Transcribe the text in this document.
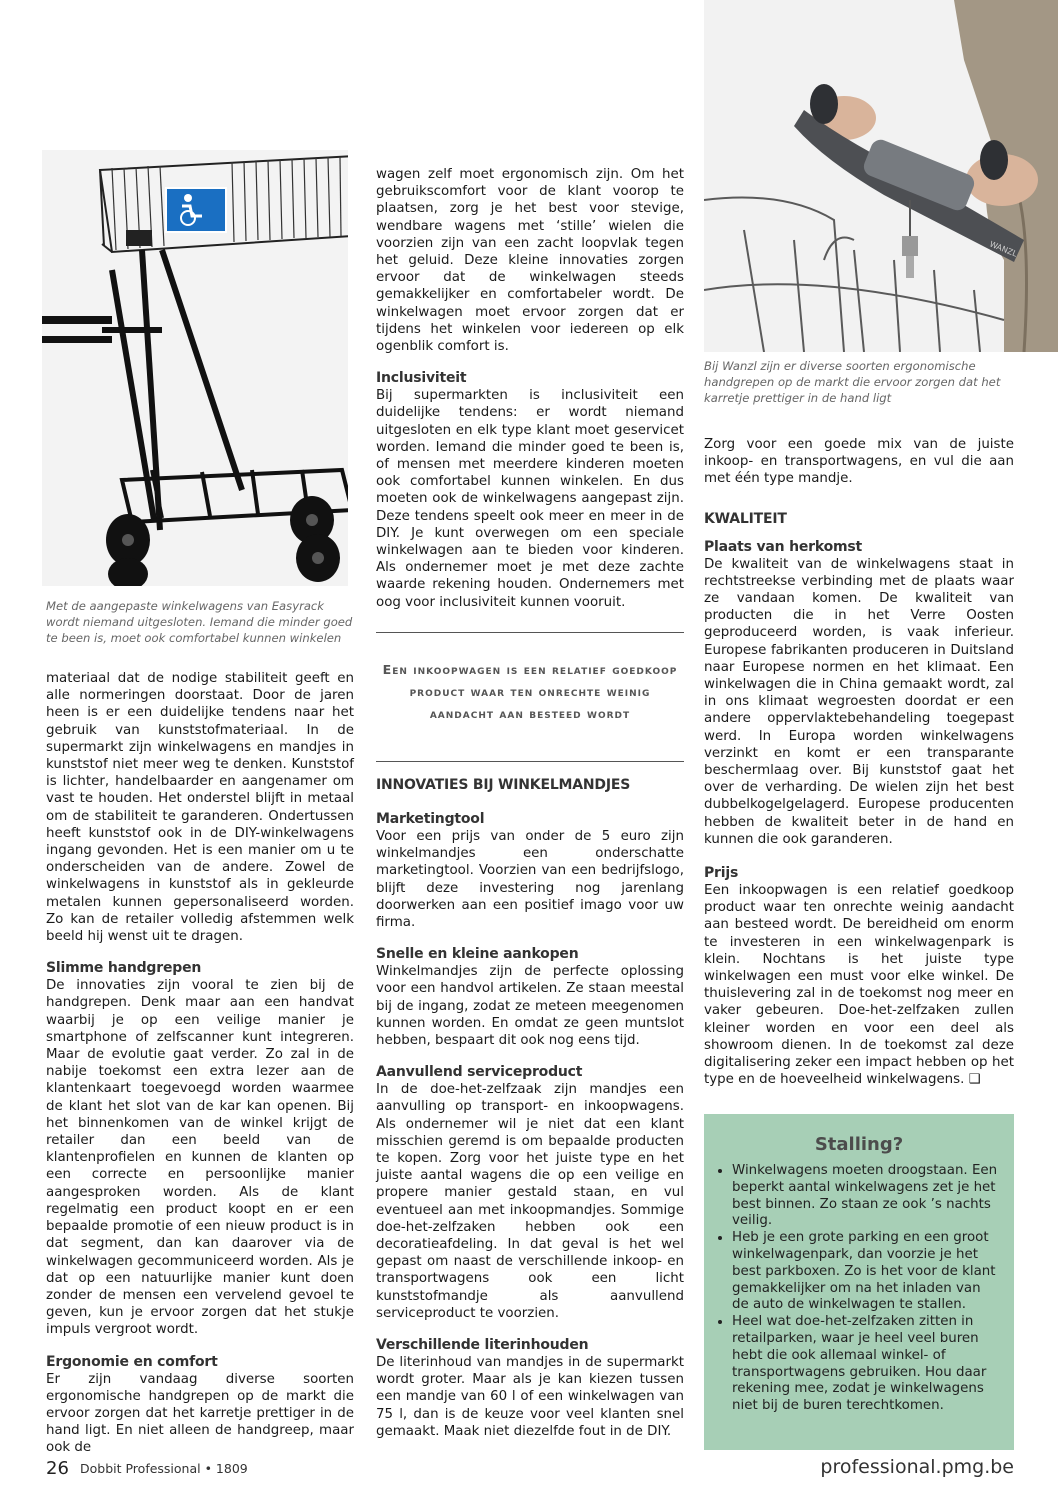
Met de aangepaste winkelwagens van Easyrack wordt niemand uitgesloten. Iemand die minder goed te been is, moet ook comfortabel kunnen winkelen
WANZL
Bij Wanzl zijn er diverse soorten ergonomische handgrepen op de markt die ervoor zorgen dat het karretje prettiger in de hand ligt

materiaal dat de nodige stabiliteit geeft en alle normeringen doorstaat. Door de jaren heen is er een duidelijke tendens naar het gebruik van kunststofmateriaal. In de supermarkt zijn winkelwagens en mandjes in kunststof niet meer weg te denken. Kunststof is lichter, handelbaarder en aangenamer om vast te houden. Het onderstel blijft in metaal om de stabiliteit te garanderen. Ondertussen heeft kunststof ook in de DIY-winkelwagens ingang gevonden. Het is een manier om u te onderscheiden van de andere. Zowel de winkelwagens in kunststof als in gekleurde metalen kunnen gepersonaliseerd worden. Zo kan de retailer volledig afstemmen welk beeld hij wenst uit te dragen.

Slimme handgrepen

De innovaties zijn vooral te zien bij de handgrepen. Denk maar aan een handvat waarbij je op een veilige manier je smartphone of zelfscanner kunt integreren. Maar de evolutie gaat verder. Zo zal in de nabije toekomst een extra lezer aan de klantenkaart toegevoegd worden waarmee de klant het slot van de kar kan openen. Bij het binnenkomen van de winkel krijgt de retailer dan een beeld van de klantenprofielen en kunnen de klanten op een correcte en persoonlijke manier aangesproken worden. Als de klant regelmatig een product koopt en er een bepaalde promotie of een nieuw product is in dat segment, dan kan daarover via de winkelwagen gecommuniceerd worden. Als je dat op een natuurlijke manier kunt doen zonder de mensen een vervelend gevoel te geven, kun je ervoor zorgen dat het stukje impuls vergroot wordt.

Ergonomie en comfort

Er zijn vandaag diverse soorten ergonomische handgrepen op de markt die ervoor zorgen dat het karretje prettiger in de hand ligt. En niet alleen de handgreep, maar ook de

wagen zelf moet ergonomisch zijn. Om het gebruikscomfort voor de klant voorop te plaatsen, zorg je het best voor stevige, wendbare wagens met ‘stille’ wielen die voorzien zijn van een zacht loopvlak tegen het geluid. Deze kleine innovaties zorgen ervoor dat de winkelwagen steeds gemakkelijker en comfortabeler wordt. De winkelwagen moet ervoor zorgen dat er tijdens het winkelen voor iedereen op elk ogenblik comfort is.

Inclusiviteit

Bij supermarkten is inclusiviteit een duidelijke tendens: er wordt niemand uitgesloten en elk type klant moet geservicet worden. Iemand die minder goed te been is, of mensen met meerdere kinderen moeten ook comfortabel kunnen winkelen. En dus moeten ook de winkelwagens aangepast zijn. Deze tendens speelt ook meer en meer in de DIY. Je kunt overwegen om een speciale winkelwagen aan te bieden voor kinderen. Als ondernemer moet je met deze zachte waarde rekening houden. Ondernemers met oog voor inclusiviteit kunnen vooruit.

Een inkoopwagen is een relatief goedkoop product waar ten onrechte weinig aandacht aan besteed wordt
INNOVATIES BIJ WINKELMANDJES
Marketingtool

Voor een prijs van onder de 5 euro zijn winkelmandjes een onderschatte marketingtool. Voorzien van een bedrijfslogo, blijft deze investering nog jarenlang doorwerken aan een positief imago voor uw firma.

Snelle en kleine aankopen

Winkelmandjes zijn de perfecte oplossing voor een handvol artikelen. Ze staan meestal bij de ingang, zodat ze meteen meegenomen kunnen worden. En omdat ze geen muntslot hebben, bespaart dit ook nog eens tijd.

Aanvullend serviceproduct

In de doe-het-zelfzaak zijn mandjes een aanvulling op transport- en inkoopwagens. Als ondernemer wil je niet dat een klant misschien geremd is om bepaalde producten te kopen. Zorg voor het juiste type en het juiste aantal wagens die op een veilige en propere manier gestald staan, en vul eventueel aan met inkoopmandjes. Sommige doe-het-zelfzaken hebben ook een decoratieafdeling. In dat geval is het wel gepast om naast de verschillende inkoop- en transportwagens ook een licht kunststofmandje als aanvullend serviceproduct te voorzien.

Verschillende literinhouden

De literinhoud van mandjes in de supermarkt wordt groter. Maar als je kan kiezen tussen een mandje van 60 l of een winkelwagen van 75 l, dan is de keuze voor veel klanten snel gemaakt. Maak niet diezelfde fout in de DIY.

Zorg voor een goede mix van de juiste inkoop- en transportwagens, en vul die aan met één type mandje.

KWALITEIT
Plaats van herkomst

De kwaliteit van de winkelwagens staat in rechtstreekse verbinding met de plaats waar ze vandaan komen. De kwaliteit van producten die in het Verre Oosten geproduceerd worden, is vaak inferieur. Europese fabrikanten produceren in Duitsland naar Europese normen en het klimaat. Een winkelwagen die in China gemaakt wordt, zal in ons klimaat wegroesten doordat er een andere oppervlaktebehandeling toegepast werd. In Europa worden winkelwagens verzinkt en komt er een transparante beschermlaag over. Bij kunststof gaat het over de verharding. De wielen zijn het best dubbelkogelgelagerd. Europese producenten hebben de kwaliteit beter in de hand en kunnen die ook garanderen.

Prijs

Een inkoopwagen is een relatief goedkoop product waar ten onrechte weinig aandacht aan besteed wordt. De bereidheid om enorm te investeren in een winkelwagenpark is klein. Nochtans is het juiste type winkelwagen een must voor elke winkel. De thuislevering zal in de toekomst nog meer en vaker gebeuren. Doe-het-zelfzaken zullen kleiner worden en voor een deel als showroom dienen. In de toekomst zal deze digitalisering zeker een impact hebben op het type en de hoeveelheid winkelwagens. ❑

Stalling?
• Winkelwagens moeten droogstaan. Een beperkt aantal winkelwagens zet je het best binnen. Zo staan ze ook ’s nachts veilig.
• Heb je een grote parking en een groot winkelwagenpark, dan voorzie je het best parkboxen. Zo is het voor de klant gemakkelijker om na het inladen van de auto de winkelwagen te stallen.
• Heel wat doe-het-zelfzaken zitten in retailparken, waar je heel veel buren hebt die ook allemaal winkel- of transportwagens gebruiken. Hou daar rekening mee, zodat je winkelwagens niet bij de buren terechtkomen.
26 Dobbit Professional • 1809	professional.pmg.be
